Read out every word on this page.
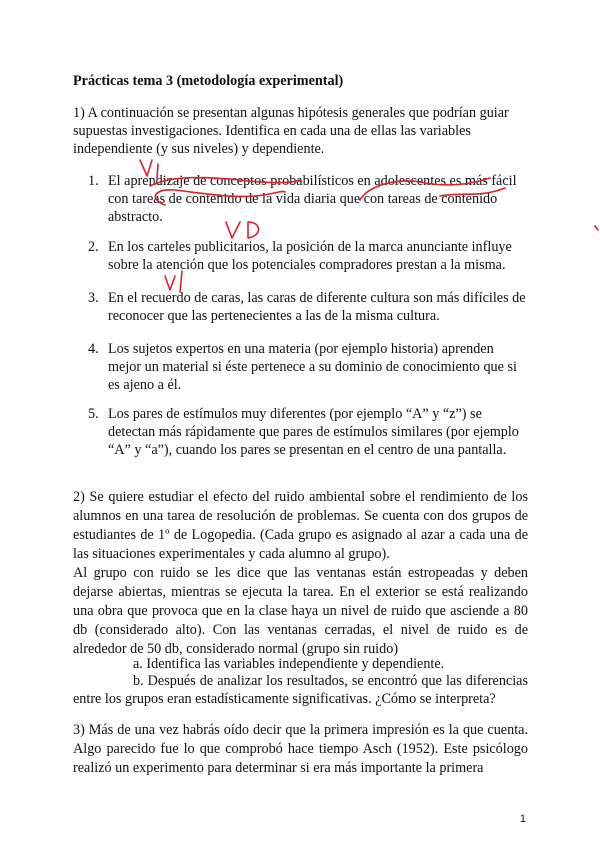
Prácticas tema 3 (metodología experimental)
1) A continuación se presentan algunas hipótesis generales que podrían guiar supuestas investigaciones. Identifica en cada una de ellas las variables independiente (y sus niveles) y dependiente.
1. El aprendizaje de conceptos probabilísticos en adolescentes es más fácil con tareas de contenido de la vida diaria que con tareas de contenido abstracto.
2. En los carteles publicitarios, la posición de la marca anunciante influye sobre la atención que los potenciales compradores prestan a la misma.
3. En el recuerdo de caras, las caras de diferente cultura son más difíciles de reconocer que las pertenecientes a las de la misma cultura.
4. Los sujetos expertos en una materia (por ejemplo historia) aprenden mejor un material si éste pertenece a su dominio de conocimiento que si es ajeno a él.
5. Los pares de estímulos muy diferentes (por ejemplo “A” y “z”) se detectan más rápidamente que pares de estímulos similares (por ejemplo “A” y “a”), cuando los pares se presentan en el centro de una pantalla.
2) Se quiere estudiar el efecto del ruido ambiental sobre el rendimiento de los alumnos en una tarea de resolución de problemas. Se cuenta con dos grupos de estudiantes de 1º de Logopedia. (Cada grupo es asignado al azar a cada una de las situaciones experimentales y cada alumno al grupo).
Al grupo con ruido se les dice que las ventanas están estropeadas y deben dejarse abiertas, mientras se ejecuta la tarea. En el exterior se está realizando una obra que provoca que en la clase haya un nivel de ruido que asciende a 80 db (considerado alto). Con las ventanas cerradas, el nivel de ruido es de alrededor de 50 db, considerado normal (grupo sin ruido)
a. Identifica las variables independiente y dependiente.
b. Después de analizar los resultados, se encontró que las diferencias entre los grupos eran estadísticamente significativas. ¿Cómo se interpreta?
3) Más de una vez habrás oído decir que la primera impresión es la que cuenta. Algo parecido fue lo que comprobó hace tiempo Asch (1952). Este psicólogo realizó un experimento para determinar si era más importante la primera
1
